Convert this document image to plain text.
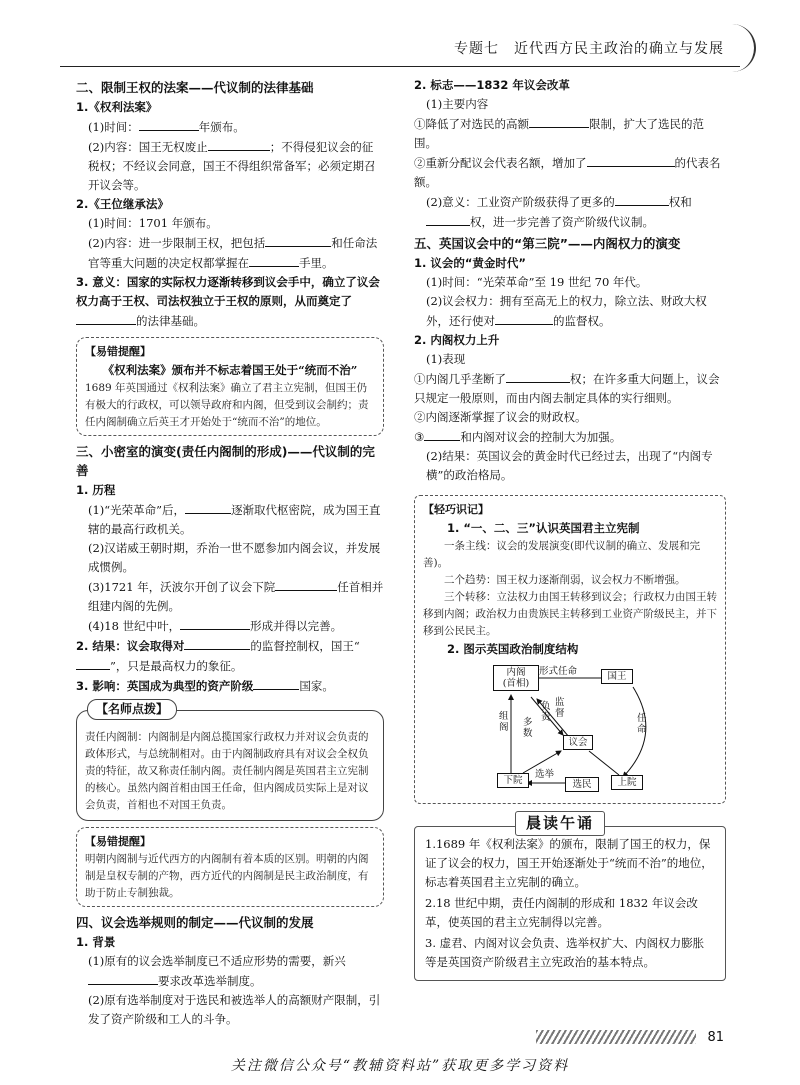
专题七　近代西方民主政治的确立与发展
二、限制王权的法案——代议制的法律基础
1.《权利法案》

(1)时间：	年颁布。

(2)内容：国王无权废止	；不得侵犯议会的征税权；不经议会同意，国王不得组织常备军；必须定期召开议会等。

2.《王位继承法》

(1)时间：1701 年颁布。

(2)内容：进一步限制王权，把包括	和任命法官等重大问题的决定权都掌握在	手里。

3. 意义：国家的实际权力逐渐转移到议会手中，确立了议会权力高于王权、司法权独立于王权的原则，从而奠定了的法律基础。

【易错提醒】
《权利法案》颁布并不标志着国王处于“统而不治”

1689 年英国通过《权利法案》确立了君主立宪制，但国王仍有极大的行政权，可以领导政府和内阁，但受到议会制约；责任内阁制确立后英王才开始处于“统而不治”的地位。

三、小密室的演变(责任内阁制的形成)——代议制的完善
1. 历程

(1)“光荣革命”后，	逐渐取代枢密院，成为国王直辖的最高行政机关。

(2)汉诺威王朝时期，乔治一世不愿参加内阁会议，并发展成惯例。

(3)1721 年，沃波尔开创了议会下院	任首相并组建内阁的先例。

(4)18 世纪中叶，	形成并得以完善。

2. 结果：议会取得对	的监督控制权，国王“”，只是最高权力的象征。

3. 影响：英国成为典型的资产阶级	国家。

【名师点拨】

责任内阁制：内阁制是内阁总揽国家行政权力并对议会负责的政体形式，与总统制相对。由于内阁制政府具有对议会全权负责的特征，故又称责任制内阁。责任制内阁是英国君主立宪制的核心。虽然内阁首相由国王任命，但内阁成员实际上是对议会负责，首相也不对国王负责。

【易错提醒】

明朝内阁制与近代西方的内阁制有着本质的区别。明朝的内阁制是皇权专制的产物，西方近代的内阁制是民主政治制度，有助于防止专制独裁。

四、议会选举规则的制定——代议制的发展
1. 背景

(1)原有的议会选举制度已不适应形势的需要，新兴要求改革选举制度。

(2)原有选举制度对于选民和被选举人的高额财产限制，引发了资产阶级和工人的斗争。

2. 标志——1832 年议会改革

(1)主要内容

①降低了对选民的高额	限制，扩大了选民的范围。

②重新分配议会代表名额，增加了	的代表名额。

(2)意义：工业资产阶级获得了更多的	权和权，进一步完善了资产阶级代议制。

五、英国议会中的“第三院”——内阁权力的演变
1. 议会的“黄金时代”

(1)时间：“光荣革命”至 19 世纪 70 年代。

(2)议会权力：拥有至高无上的权力，除立法、财政大权外，还行使对	的监督权。

2. 内阁权力上升

(1)表现

①内阁几乎垄断了	权；在许多重大问题上，议会只规定一般原则，而由内阁去制定具体的实行细则。

②内阁逐渐掌握了议会的财政权。

③	和内阁对议会的控制大为加强。

(2)结果：英国议会的黄金时代已经过去，出现了“内阁专横”的政治格局。

【轻巧识记】
1. “一、二、三”认识英国君主立宪制

一条主线：议会的发展演变(即代议制的确立、发展和完善)。

二个趋势：国王权力逐渐削弱，议会权力不断增强。

三个转移：立法权力由国王转移到议会；行政权力由国王转移到内阁；政治权力由贵族民主转移到工业资产阶级民主，并下移到公民民主。

2. 图示英国政治制度结构
内阁
(首相)
国王
形式任命
任命
组阁 多数
负责
监督
议会
下院	上院
选举
选民
晨读午诵

1.1689 年《权利法案》的颁布，限制了国王的权力，保证了议会的权力，国王开始逐渐处于“统而不治”的地位，标志着英国君主立宪制的确立。

2.18 世纪中期，责任内阁制的形成和 1832 年议会改革，使英国的君主立宪制得以完善。

3. 虚君、内阁对议会负责、选举权扩大、内阁权力膨胀等是英国资产阶级君主立宪政治的基本特点。

81
关注微信公众号“教辅资料站”获取更多学习资料
